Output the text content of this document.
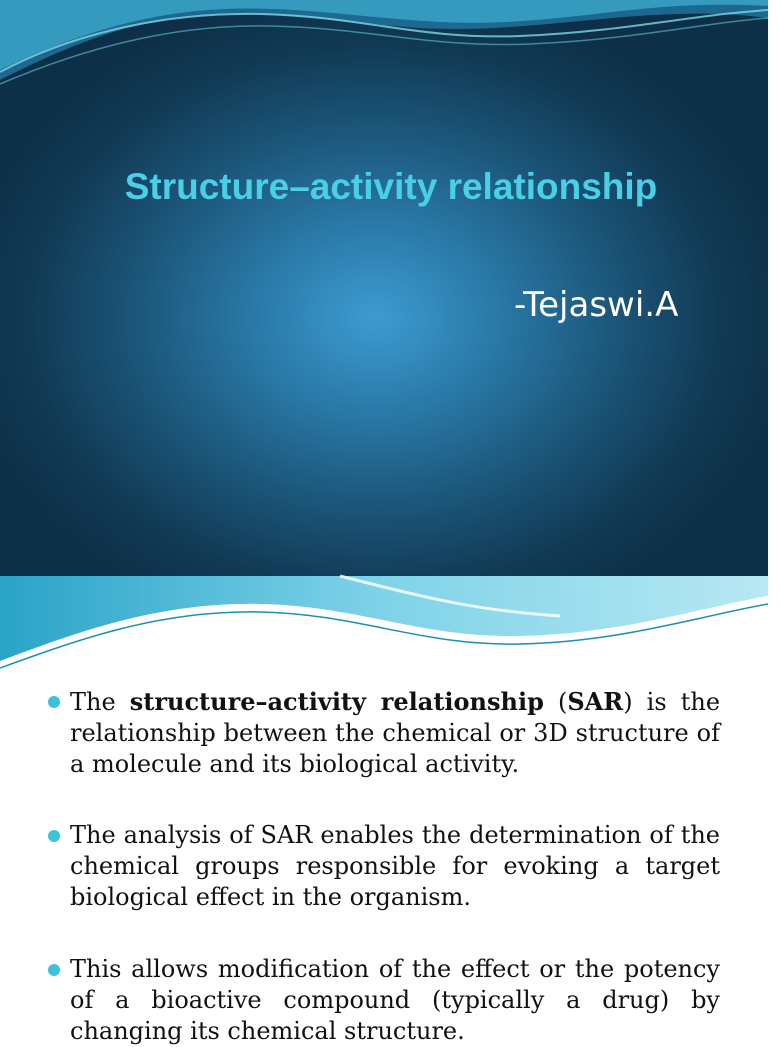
Structure–activity relationship
-Tejaswi.A
The structure–activity relationship (SAR) is the relationship between the chemical or 3D structure of a molecule and its biological activity.
The analysis of SAR enables the determination of the chemical groups responsible for evoking a target biological effect in the organism.
This allows modification of the effect or the potency of a bioactive compound (typically a drug) by changing its chemical structure.
